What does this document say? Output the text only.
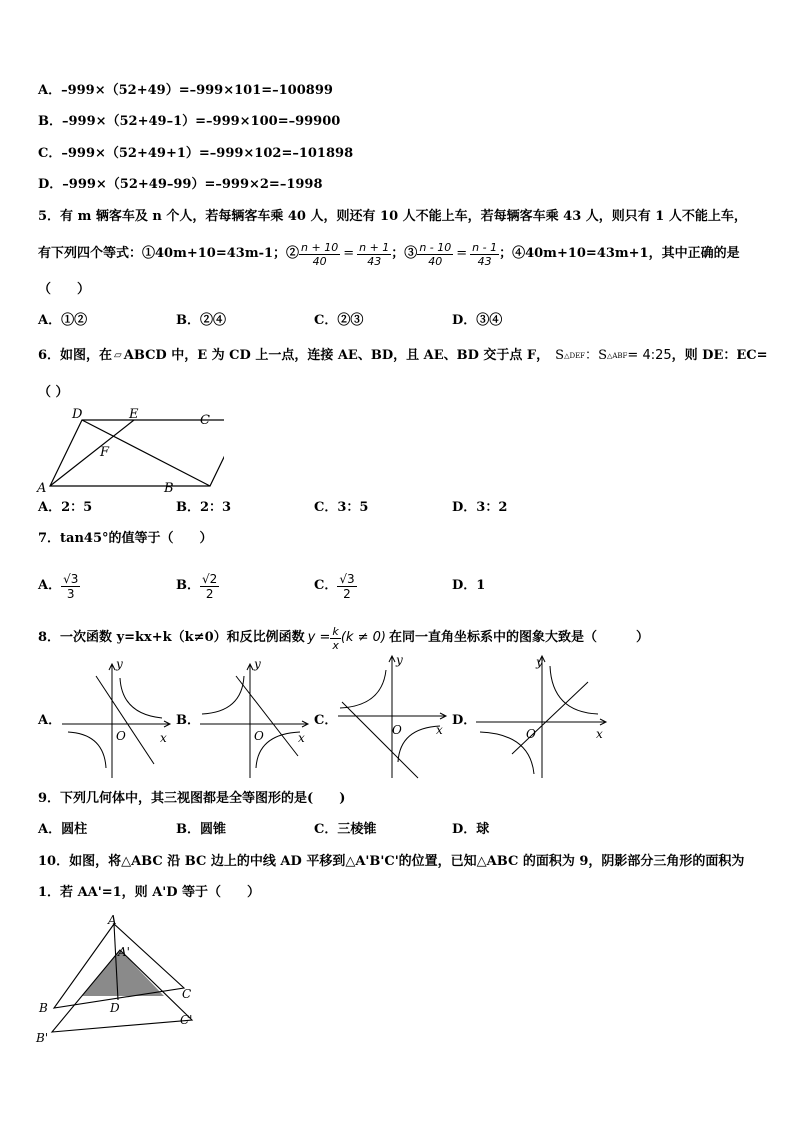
A．–999×（52+49）=–999×101=–100899
B．–999×（52+49–1）=–999×100=–99900
C．–999×（52+49+1）=–999×102=–101898
D．–999×（52+49–99）=–999×2=–1998
5．有 m 辆客车及 n 个人，若每辆客车乘 40 人，则还有 10 人不能上车，若每辆客车乘 43 人，则只有 1 人不能上车，
有下列四个等式：①40m+10=43m-1；② $\frac{n + 10}{40} = \frac{n + 1}{43}$ ；③ $\frac{n - 10}{40} = \frac{n - 1}{43}$ ；④40m+10=43m+1，其中正确的是
（　　）
A．①②	B．②④	C．②③	D．③④
6．如图，在 ▱ ABCD 中，E 为 CD 上一点，连接 AE、BD，且 AE、BD 交于点 F， S △DEF ： S △ABF = 4:25 ，则 DE：EC=
（ ）
D	E	C
F
A	B
A．2：5	B．2：3	C．3：5	D．3：2
7．tan45°的值等于（　　）
A． $\frac{√3}{3}$	B． $\frac{√2}{2}$	C． $\frac{√3}{2}$	D．1
8．一次函数 y=kx+k（k≠0）和反比例函数 $y = \frac{k}{x} (k \ne 0)$ 在同一直角坐标系中的图象大致是（　　　）
A．	B．	C．	D．
y
x
O
y
x
O
y
x
O
y
x
O
9．下列几何体中，其三视图都是全等图形的是(　　)
A．圆柱	B．圆锥	C．三棱锥	D．球
10．如图，将△ABC 沿 BC 边上的中线 AD 平移到△A'B'C'的位置，已知△ABC 的面积为 9，阴影部分三角形的面积为
1．若 AA'=1，则 A'D 等于（　　）
A
A'
B
C
D
B'
C'
